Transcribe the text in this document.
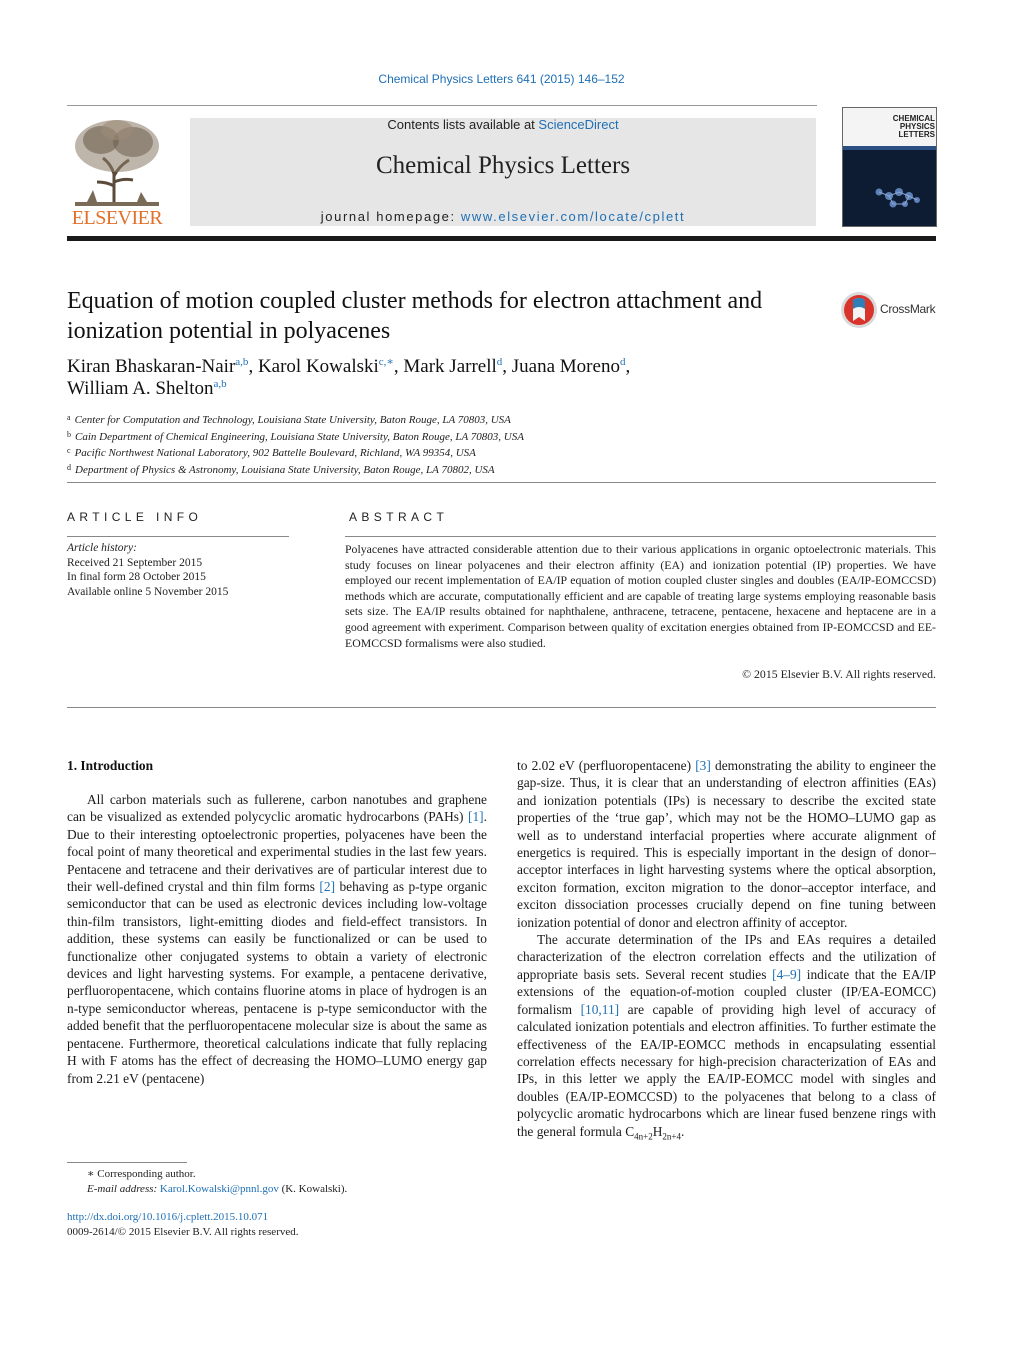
Chemical Physics Letters 641 (2015) 146–152
ELSEVIER
Contents lists available at ScienceDirect
Chemical Physics Letters
journal homepage: www.elsevier.com/locate/cplett
CHEMICAL PHYSICS LETTERS
Equation of motion coupled cluster methods for electron attachment and ionization potential in polyacenes
CrossMark
Kiran Bhaskaran-Nair$^{a,b}$, Karol Kowalski$^{c,∗}$, Mark Jarrell$^d$, Juana Moreno$^d$,
William A. Shelton$^{a,b}$
$^a$ Center for Computation and Technology, Louisiana State University, Baton Rouge, LA 70803, USA
$^b$ Cain Department of Chemical Engineering, Louisiana State University, Baton Rouge, LA 70803, USA
$^c$ Pacific Northwest National Laboratory, 902 Battelle Boulevard, Richland, WA 99354, USA
$^d$ Department of Physics & Astronomy, Louisiana State University, Baton Rouge, LA 70802, USA
ARTICLE INFO	ABSTRACT
Article history:
Received 21 September 2015
In final form 28 October 2015
Available online 5 November 2015
Polyacenes have attracted considerable attention due to their various applications in organic optoelectronic materials. This study focuses on linear polyacenes and their electron affinity (EA) and ionization potential (IP) properties. We have employed our recent implementation of EA/IP equation of motion coupled cluster singles and doubles (EA/IP-EOMCCSD) methods which are accurate, computationally efficient and are capable of treating large systems employing reasonable basis sets size. The EA/IP results obtained for naphthalene, anthracene, tetracene, pentacene, hexacene and heptacene are in a good agreement with experiment. Comparison between quality of excitation energies obtained from IP-EOMCCSD and EE-EOMCCSD formalisms were also studied.
© 2015 Elsevier B.V. All rights reserved.
1. Introduction

All carbon materials such as fullerene, carbon nanotubes and graphene can be visualized as extended polycyclic aromatic hydrocarbons (PAHs) [1]. Due to their interesting optoelectronic properties, polyacenes have been the focal point of many theoretical and experimental studies in the last few years. Pentacene and tetracene and their derivatives are of particular interest due to their well-defined crystal and thin film forms [2] behaving as p-type organic semiconductor that can be used as electronic devices including low-voltage thin-film transistors, light-emitting diodes and field-effect transistors. In addition, these systems can easily be functionalized or can be used to functionalize other conjugated systems to obtain a variety of electronic devices and light harvesting systems. For example, a pentacene derivative, perfluoropentacene, which contains fluorine atoms in place of hydrogen is an n-type semiconductor whereas, pentacene is p-type semiconductor with the added benefit that the perfluoropentacene molecular size is about the same as pentacene. Furthermore, theoretical calculations indicate that fully replacing H with F atoms has the effect of decreasing the HOMO–LUMO energy gap from 2.21 eV (pentacene)

to 2.02 eV (perfluoropentacene) [3] demonstrating the ability to engineer the gap-size. Thus, it is clear that an understanding of electron affinities (EAs) and ionization potentials (IPs) is necessary to describe the excited state properties of the ‘true gap’, which may not be the HOMO–LUMO gap as well as to understand interfacial properties where accurate alignment of energetics is required. This is especially important in the design of donor–acceptor interfaces in light harvesting systems where the optical absorption, exciton formation, exciton migration to the donor–acceptor interface, and exciton dissociation processes crucially depend on fine tuning between ionization potential of donor and electron affinity of acceptor.

The accurate determination of the IPs and EAs requires a detailed characterization of the electron correlation effects and the utilization of appropriate basis sets. Several recent studies [4–9] indicate that the EA/IP extensions of the equation-of-motion coupled cluster (IP/EA-EOMCC) formalism [10,11] are capable of providing high level of accuracy of calculated ionization potentials and electron affinities. To further estimate the effectiveness of the EA/IP-EOMCC methods in encapsulating essential correlation effects necessary for high-precision characterization of EAs and IPs, in this letter we apply the EA/IP-EOMCC model with singles and doubles (EA/IP-EOMCCSD) to the polyacenes that belong to a class of polycyclic aromatic hydrocarbons which are linear fused benzene rings with the general formula $C_{4n+2}H_{2n+4}$.

∗ Corresponding author.
E-mail address: Karol.Kowalski@pnnl.gov (K. Kowalski).
http://dx.doi.org/10.1016/j.cplett.2015.10.071
0009-2614/© 2015 Elsevier B.V. All rights reserved.
